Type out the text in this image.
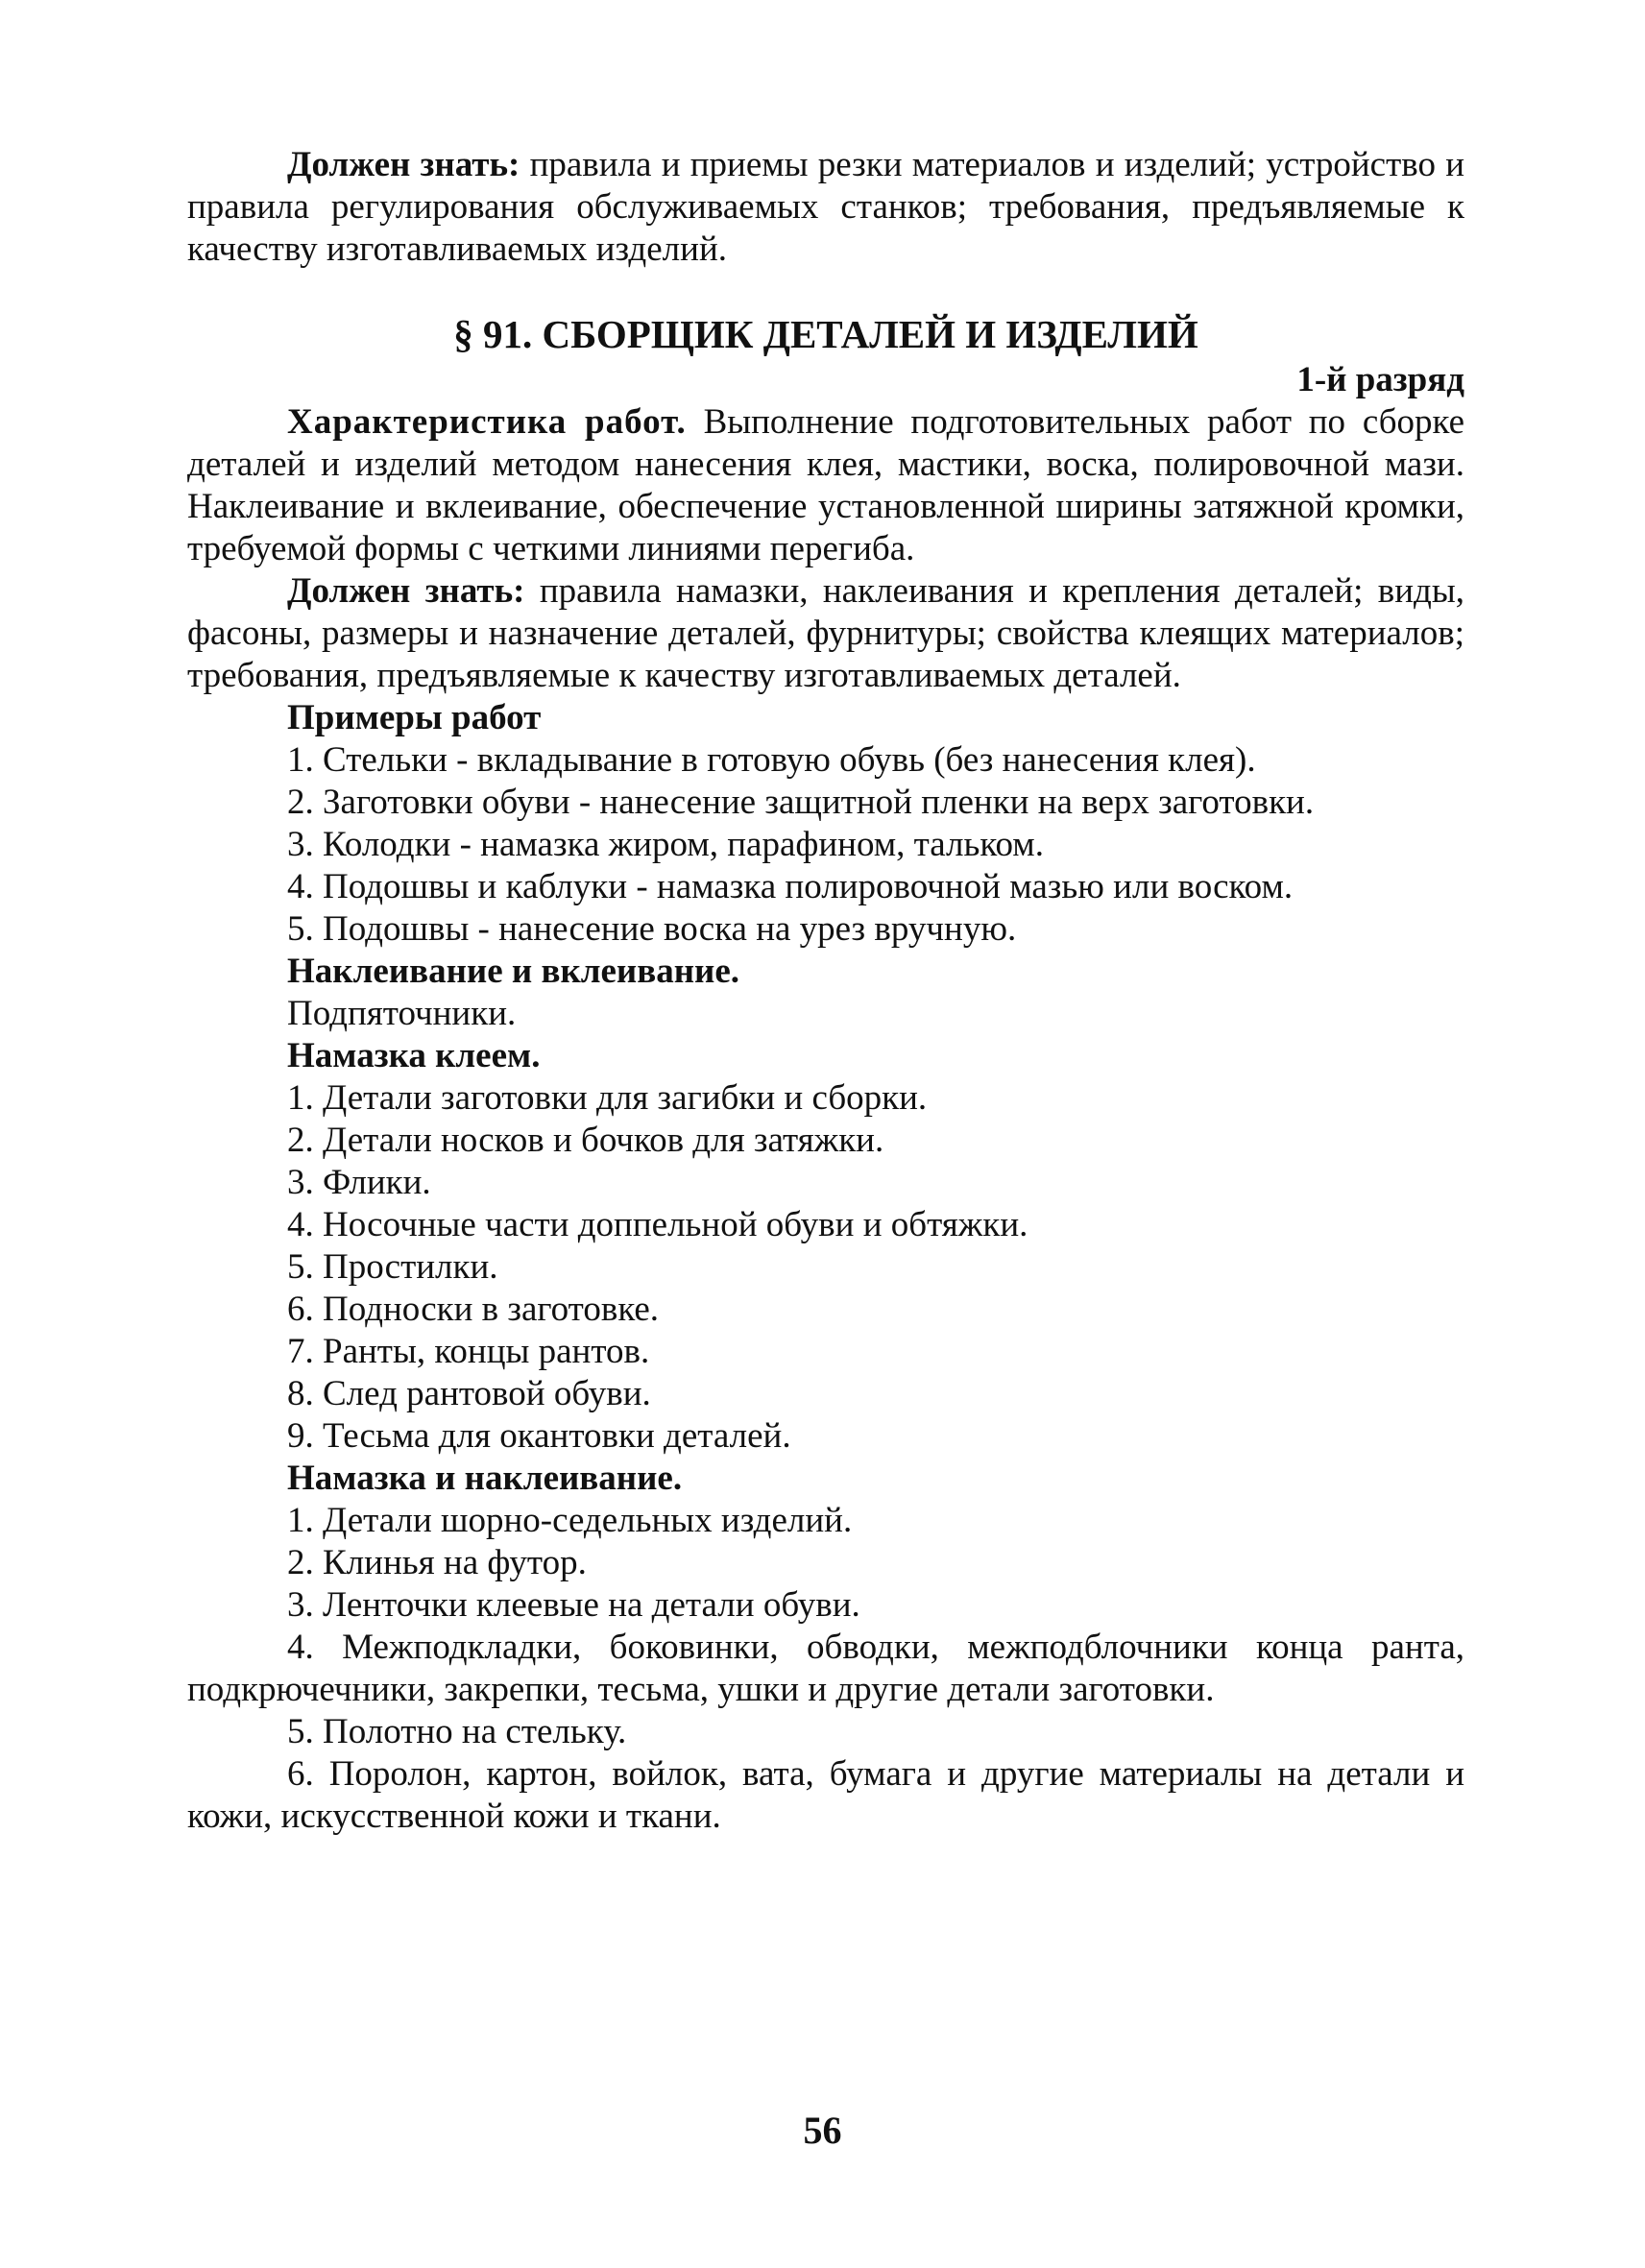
Должен знать: правила и приемы резки материалов и изделий; устройство и правила регулирования обслуживаемых станков; требования, предъявляемые к качеству изготавливаемых изделий.

§ 91. СБОРЩИК ДЕТАЛЕЙ И ИЗДЕЛИЙ

1-й разряд

Характеристика работ. Выполнение подготовительных работ по сборке деталей и изделий методом нанесения клея, мастики, воска, полировочной мази. Наклеивание и вклеивание, обеспечение установленной ширины затяжной кромки, требуемой формы с четкими линиями перегиба.

Должен знать: правила намазки, наклеивания и крепления деталей; виды, фасоны, размеры и назначение деталей, фурнитуры; свойства клеящих материалов; требования, предъявляемые к качеству изготавливаемых деталей.

Примеры работ

1. Стельки - вкладывание в готовую обувь (без нанесения клея).

2. Заготовки обуви - нанесение защитной пленки на верх заготовки.

3. Колодки - намазка жиром, парафином, тальком.

4. Подошвы и каблуки - намазка полировочной мазью или воском.

5. Подошвы - нанесение воска на урез вручную.

Наклеивание и вклеивание.

Подпяточники.

Намазка клеем.

1. Детали заготовки для загибки и сборки.

2. Детали носков и бочков для затяжки.

3. Флики.

4. Носочные части доппельной обуви и обтяжки.

5. Простилки.

6. Подноски в заготовке.

7. Ранты, концы рантов.

8. След рантовой обуви.

9. Тесьма для окантовки деталей.

Намазка и наклеивание.

1. Детали шорно-седельных изделий.

2. Клинья на футор.

3. Ленточки клеевые на детали обуви.

4. Межподкладки, боковинки, обводки, межподблочники конца ранта, подкрючечники, закрепки, тесьма, ушки и другие детали заготовки.

5. Полотно на стельку.

6. Поролон, картон, войлок, вата, бумага и другие материалы на детали и кожи, искусственной кожи и ткани.

56
